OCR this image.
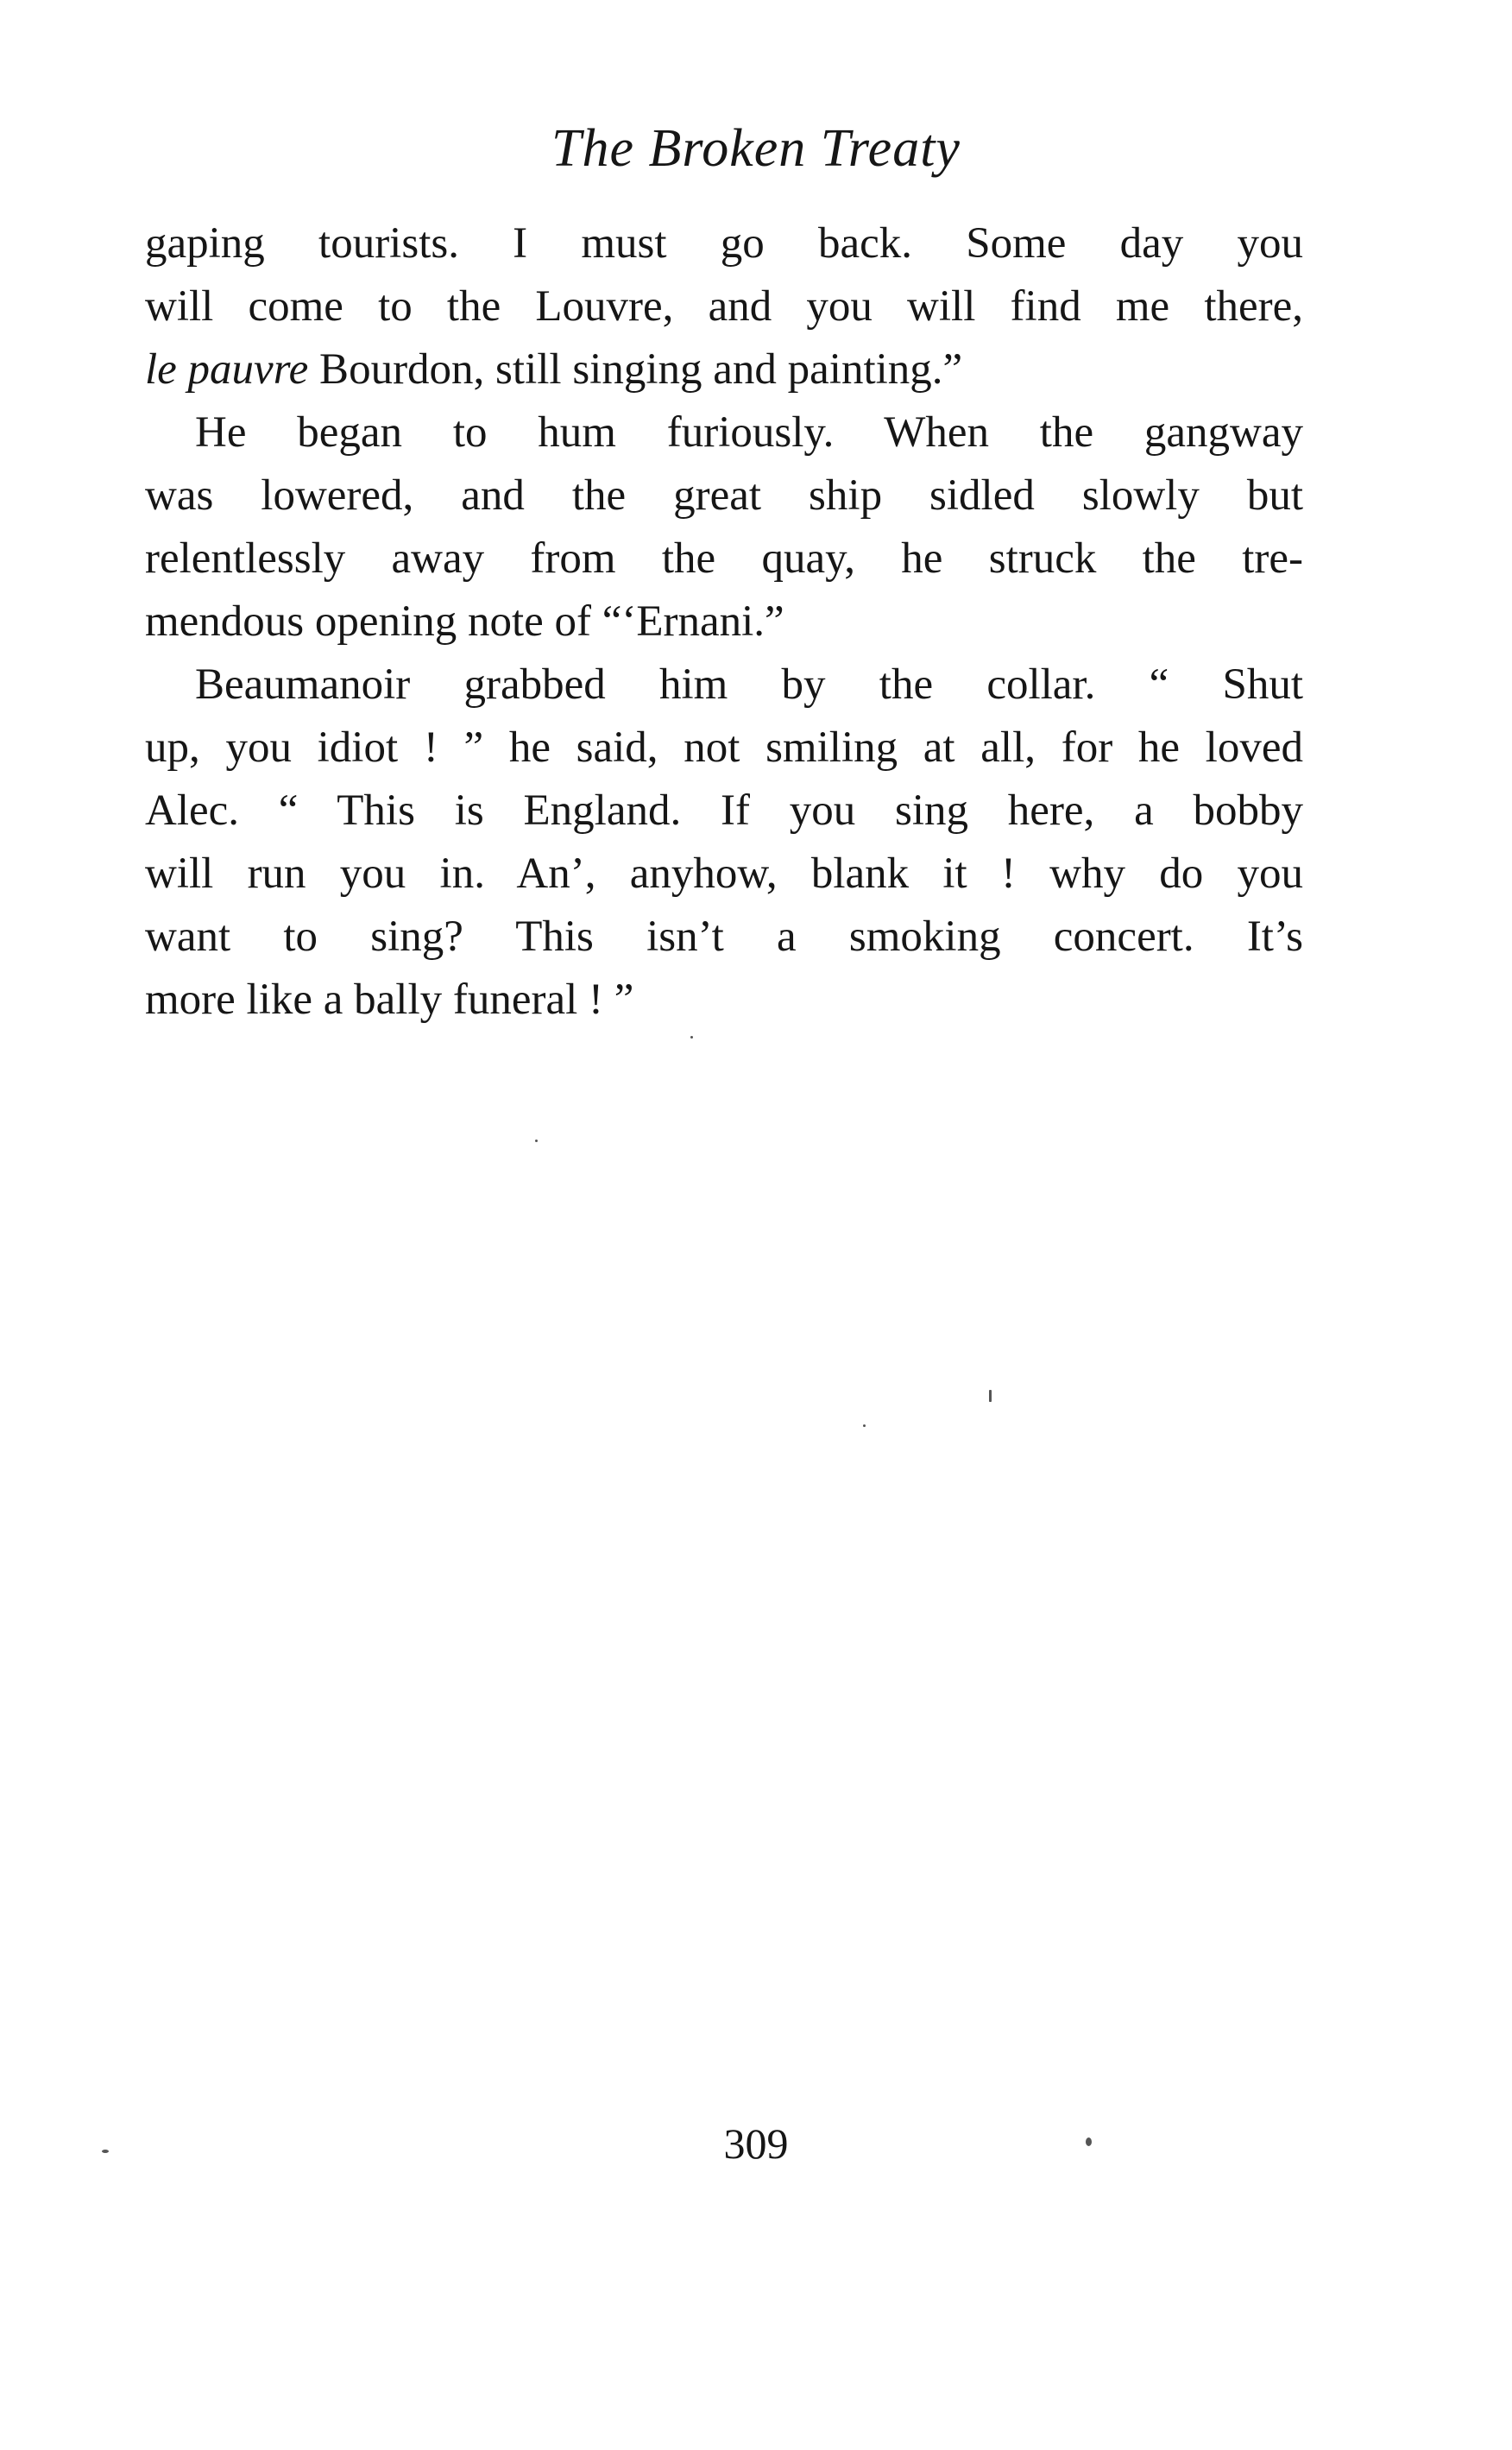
The Broken Treaty
gaping tourists. I must go back. Some day you
will come to the Louvre, and you will find me there,
le pauvre Bourdon, still singing and painting.”
He began to hum furiously. When the gangway
was lowered, and the great ship sidled slowly but
relentlessly away from the quay, he struck the tre-
mendous opening note of “‘Ernani.”
Beaumanoir grabbed him by the collar. “ Shut
up, you idiot ! ” he said, not smiling at all, for he loved
Alec. “ This is England. If you sing here, a bobby
will run you in. An’, anyhow, blank it ! why do you
want to sing? This isn’t a smoking concert. It’s
more like a bally funeral ! ”
309
